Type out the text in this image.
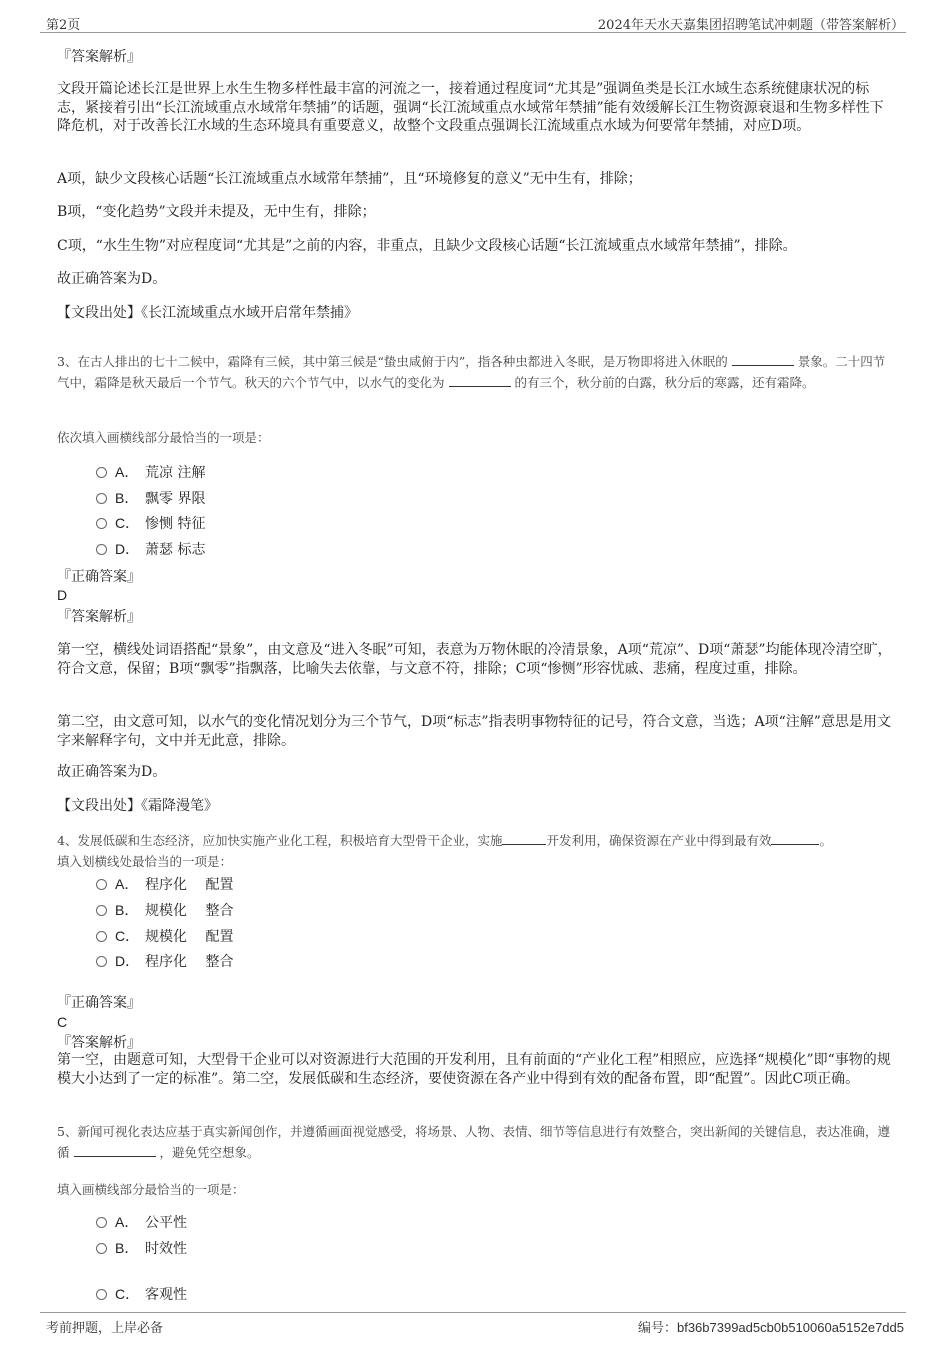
第2页	2024年天水天嘉集团招聘笔试冲刺题（带答案解析）
『答案解析』
文段开篇论述长江是世界上水生生物多样性最丰富的河流之一，接着通过程度词“尤其是”强调鱼类是长江水域生态系统健康状况的标志，紧接着引出“长江流域重点水域常年禁捕”的话题，强调“长江流域重点水域常年禁捕”能有效缓解长江生物资源衰退和生物多样性下降危机，对于改善长江水域的生态环境具有重要意义，故整个文段重点强调长江流域重点水域为何要常年禁捕，对应D项。
A项，缺少文段核心话题“长江流域重点水域常年禁捕”，且“环境修复的意义”无中生有，排除；
B项，“变化趋势”文段并未提及，无中生有，排除；
C项，“水生生物”对应程度词“尤其是”之前的内容，非重点，且缺少文段核心话题“长江流域重点水域常年禁捕”，排除。
故正确答案为D。
【文段出处】《长江流域重点水域开启常年禁捕》
3、在古人排出的七十二候中，霜降有三候，其中第三候是“蛰虫咸俯于内”，指各种虫都进入冬眠，是万物即将进入休眠的	景象。二十四节气中，霜降是秋天最后一个节气。秋天的六个节气中，以水气的变化为	的有三个，秋分前的白露，秋分后的寒露，还有霜降。
依次填入画横线部分最恰当的一项是：
A． 荒凉 注解
B． 飘零 界限
C． 惨恻 特征
D． 萧瑟 标志
『正确答案』
D
『答案解析』
第一空，横线处词语搭配“景象”，由文意及“进入冬眠”可知，表意为万物休眠的冷清景象，A项“荒凉”、D项“萧瑟”均能体现冷清空旷，符合文意，保留；B项“飘零”指飘落，比喻失去依靠，与文意不符，排除；C项“惨恻”形容忧戚、悲痛，程度过重，排除。
第二空，由文意可知，以水气的变化情况划分为三个节气，D项“标志”指表明事物特征的记号，符合文意，当选；A项“注解”意思是用文字来解释字句，文中并无此意，排除。
故正确答案为D。
【文段出处】《霜降漫笔》
4、发展低碳和生态经济，应加快实施产业化工程，积极培育大型骨干企业，实施	开发利用，确保资源在产业中得到最有效	。
填入划横线处最恰当的一项是：
A． 程序化　 配置
B． 规模化　 整合
C． 规模化　 配置
D． 程序化　 整合
『正确答案』
C
『答案解析』
第一空，由题意可知，大型骨干企业可以对资源进行大范围的开发利用，且有前面的“产业化工程”相照应，应选择“规模化”即“事物的规模大小达到了一定的标准”。第二空，发展低碳和生态经济，要使资源在各产业中得到有效的配备布置，即“配置”。因此C项正确。
5、新闻可视化表达应基于真实新闻创作，并遵循画面视觉感受，将场景、人物、表情、细节等信息进行有效整合，突出新闻的关键信息，表达准确，遵循	，避免凭空想象。
填入画横线部分最恰当的一项是：
A． 公平性
B． 时效性
C． 客观性
考前押题，上岸必备	编号：bf36b7399ad5cb0b510060a5152e7dd5
